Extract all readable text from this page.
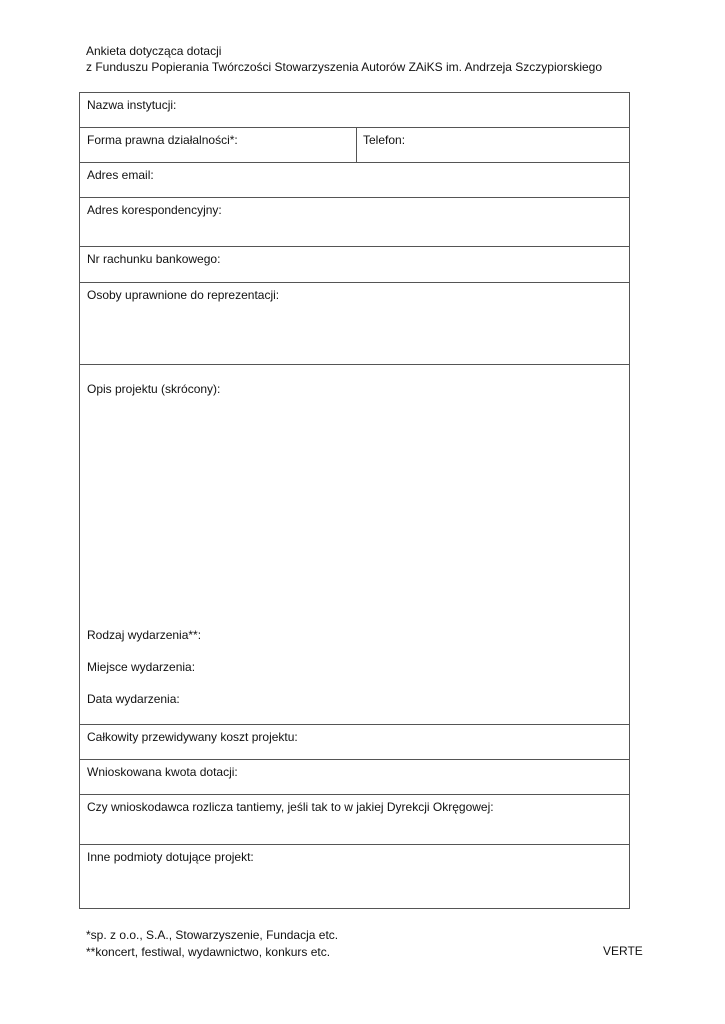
Ankieta dotycząca dotacji
z Funduszu Popierania Twórczości Stowarzyszenia Autorów ZAiKS im. Andrzeja Szczypiorskiego
Nazwa instytucji:
Forma prawna działalności*:	Telefon:
Adres email:
Adres korespondencyjny:
Nr rachunku bankowego:
Osoby uprawnione do reprezentacji:
Opis projektu (skrócony):
Rodzaj wydarzenia**:
Miejsce wydarzenia:
Data wydarzenia:
Całkowity przewidywany koszt projektu:
Wnioskowana kwota dotacji:
Czy wnioskodawca rozlicza tantiemy, jeśli tak to w jakiej Dyrekcji Okręgowej:
Inne podmioty dotujące projekt:
*sp. z o.o., S.A., Stowarzyszenie, Fundacja etc.
**koncert, festiwal, wydawnictwo, konkurs etc.	VERTE
